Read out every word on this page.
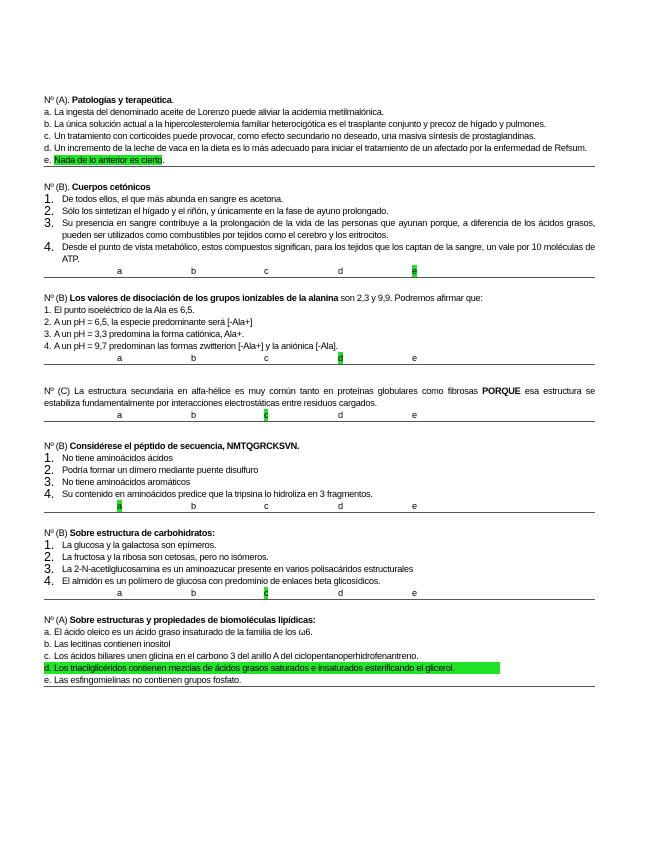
Nº (A). Patologías y terapeútica.
a. La ingesta del denominado aceite de Lorenzo puede aliviar la acidemia metilmalónica.
b. La única solución actual a la hipercolesterolemia familiar heterocigótica es el trasplante conjunto y precoz de hígado y pulmones.
c. Un tratamiento con corticoides puede provocar, como efecto secundario no deseado, una masiva síntesis de prostaglandinas.
d. Un incremento de la leche de vaca en la dieta es lo más adecuado para iniciar el tratamiento de un afectado por la enfermedad de Refsum.
e. Nada de lo anterior es cierto.
Nº (B). Cuerpos cetónicos
1. De todos ellos, el que más abunda en sangre es acetona.
2. Sólo los sintetizan el hígado y el riñón, y únicamente en la fase de ayuno prolongado.
3. Su presencia en sangre contribuye a la prolongación de la vida de las personas que ayunan porque, a diferencia de los ácidos grasos, pueden ser utilizados como combustibles por tejidos como el cerebro y los eritrocitos.
4. Desde el punto de vista metabólico, estos compuestos significan, para los tejidos que los captan de la sangre, un vale por 10 moléculas de ATP.
a	b	c	d	e
Nº (B) Los valores de disociación de los grupos ionizables de la alanina son 2,3 y 9,9. Podremos afirmar que:
1. El punto isoeléctrico de la Ala es 6,5.
2. A un pH = 6,5, la especie predominante será [-Ala+]
3. A un pH = 3,3 predomina la forma catiónica, Ala+.
4. A un pH = 9,7 predominan las formas zwitterion [-Ala+] y la aniónica [-Ala].
a	b	c	d	e
Nº (C) La estructura secundaria en alfa-hélice es muy común tanto en proteínas globulares como fibrosas PORQUE esa estructura se estabiliza fundamentalmente por interacciones electrostáticas entre residuos cargados.
a	b	c	d	e
Nº (B) Considérese el péptido de secuencia, NMTQGRCKSVN.
1. No tiene aminoácidos ácidos
2. Podría formar un dímero mediante puente disulfuro
3. No tiene aminoácidos aromáticos
4. Su contenido en aminoácidos predice que la tripsina lo hidroliza en 3 fragmentos.
a	b	c	d	e
Nº (B) Sobre estructura de carbohidratos:
1. La glucosa y la galactosa son epímeros.
2. La fructosa y la ribosa son cetosas, pero no isómeros.
3. La 2-N-acetilglucosamina es un aminoazucar presente en varios polisacáridos estructurales
4. El almidón es un polímero de glucosa con predominio de enlaces beta glicosídicos.
a	b	c	d	e
Nº (A) Sobre estructuras y propiedades de biomoléculas lipídicas:
a. El ácido oleico es un ácido graso insaturado de la familia de los ω6.
b. Las lecitinas contienen inositol
c. Los ácidos biliares unen glicina en el carbono 3 del anillo A del ciclopentanoperhidrofenantreno.
d. Los triacilglicéridos contienen mezclas de ácidos grasos saturados e insaturados esterificando el glicerol.
e. Las esfingomielinas no contienen grupos fosfato.
